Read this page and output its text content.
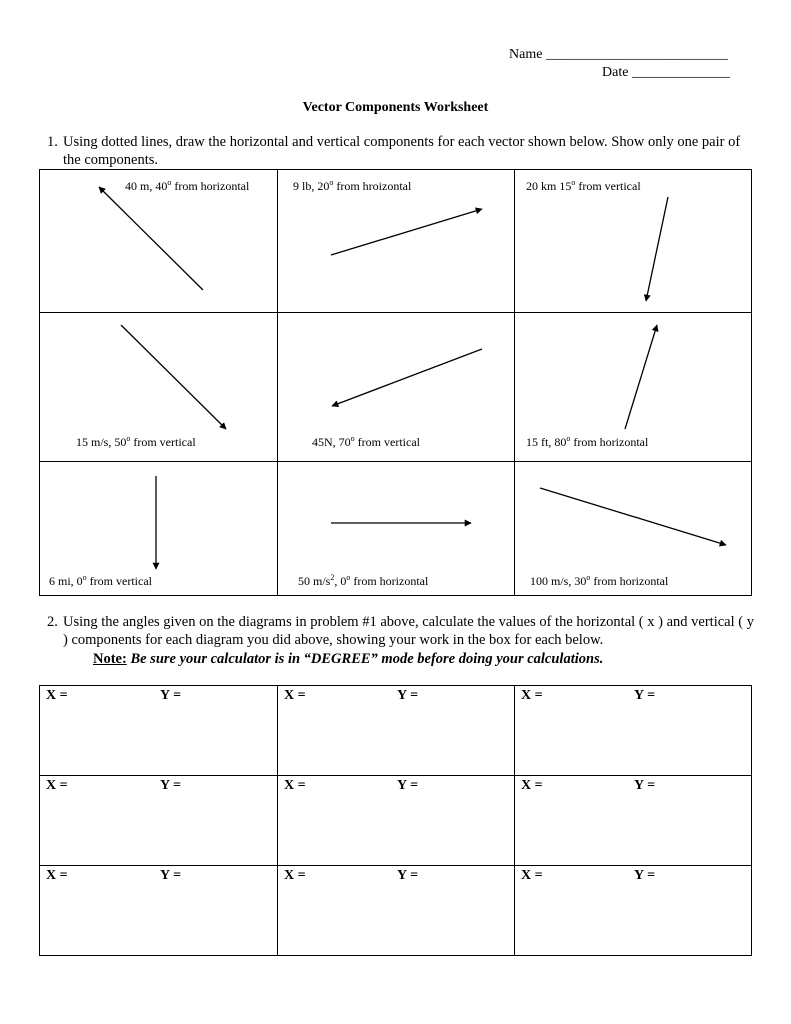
Name __________________________
Date ______________
Vector Components Worksheet
1. Using dotted lines, draw the horizontal and vertical components for each vector shown below. Show only one pair of the components.
40 m, 40$^o$ from horizontal	9 lb, 20$^o$ from hroizontal	20 km 15$^o$ from vertical
15 m/s, 50$^o$ from vertical	45N, 70$^o$ from vertical	15 ft, 80$^o$ from horizontal
6 mi, 0$^o$ from vertical	50 $m/s^2$, 0$^o$ from horizontal	100 m/s, 30$^o$ from horizontal
2. Using the angles given on the diagrams in problem #1 above, calculate the values of the horizontal ( x ) and vertical ( y ) components for each diagram you did above, showing your work in the box for each below.
Note: Be sure your calculator is in “DEGREE” mode before doing your calculations.
X =	Y =	X =	Y =	X =	Y =
X =	Y =	X =	Y =	X =	Y =
X =	Y =	X =	Y =	X =	Y =
